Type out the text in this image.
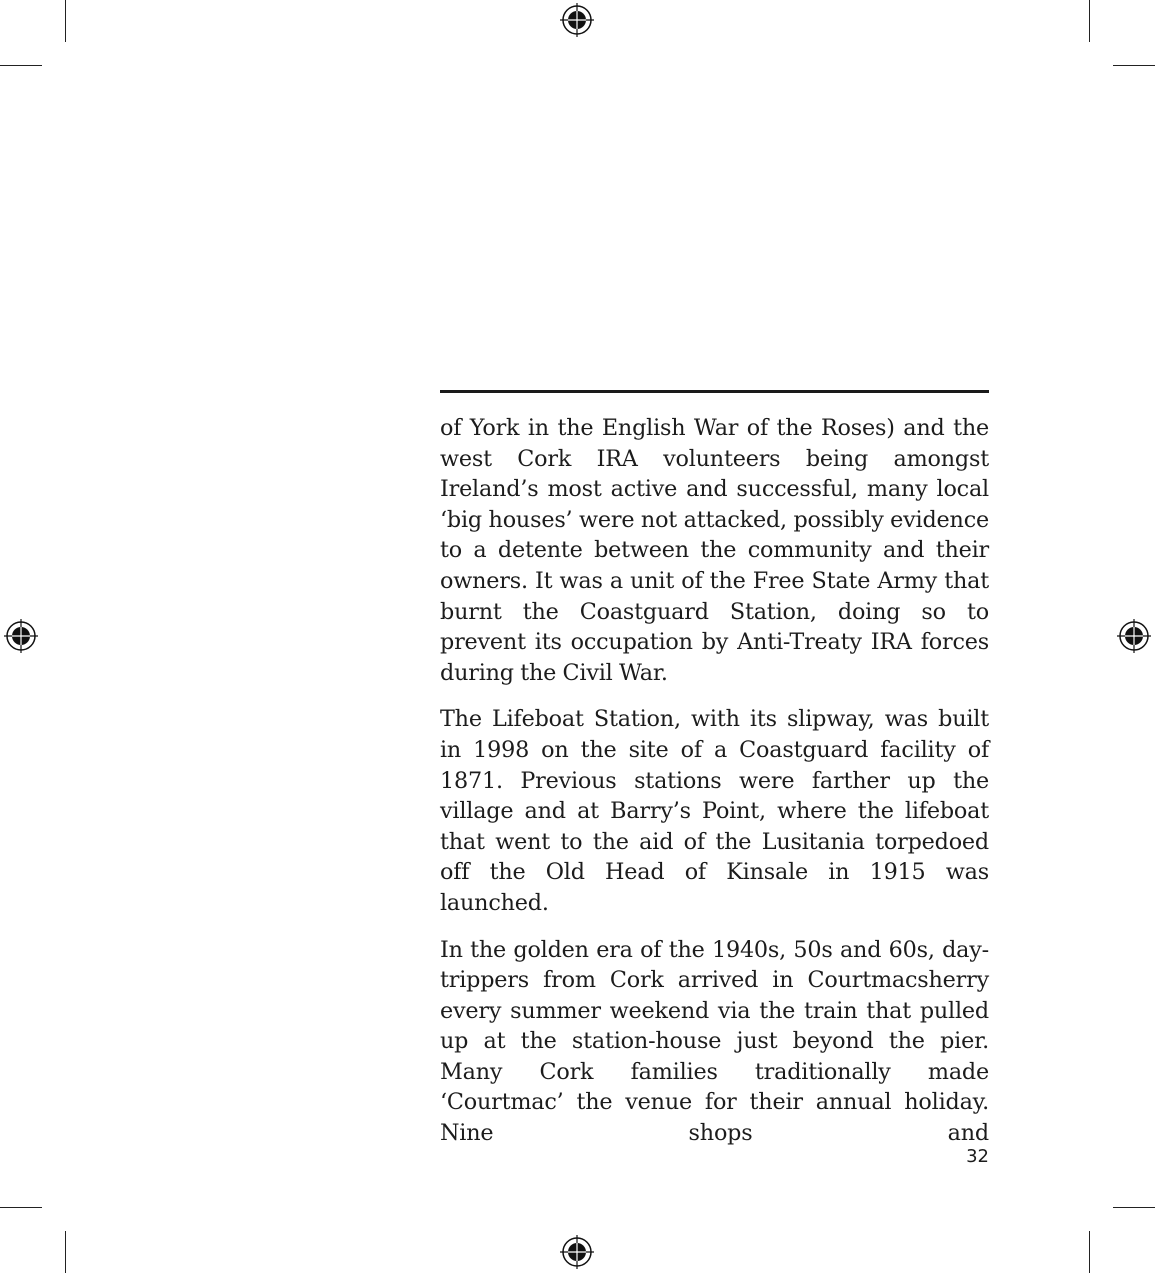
of York in the English War of the Roses) and the west Cork IRA volunteers being amongst Ireland’s most active and successful, many local ‘big houses’ were not attacked, possibly evidence to a detente between the community and their owners. It was a unit of the Free State Army that burnt the Coastguard Station, doing so to prevent its occupation by Anti-Treaty IRA forces during the Civil War.

The Lifeboat Station, with its slipway, was built in 1998 on the site of a Coastguard facility of 1871. Previous stations were farther up the village and at Barry’s Point, where the lifeboat that went to the aid of the Lusitania torpedoed off the Old Head of Kinsale in 1915 was launched.

In the golden era of the 1940s, 50s and 60s, day-trippers from Cork arrived in Courtmacsherry every summer weekend via the train that pulled up at the station-house just beyond the pier. Many Cork families traditionally made ‘Courtmac’ the venue for their annual holiday. Nine shops and

32
